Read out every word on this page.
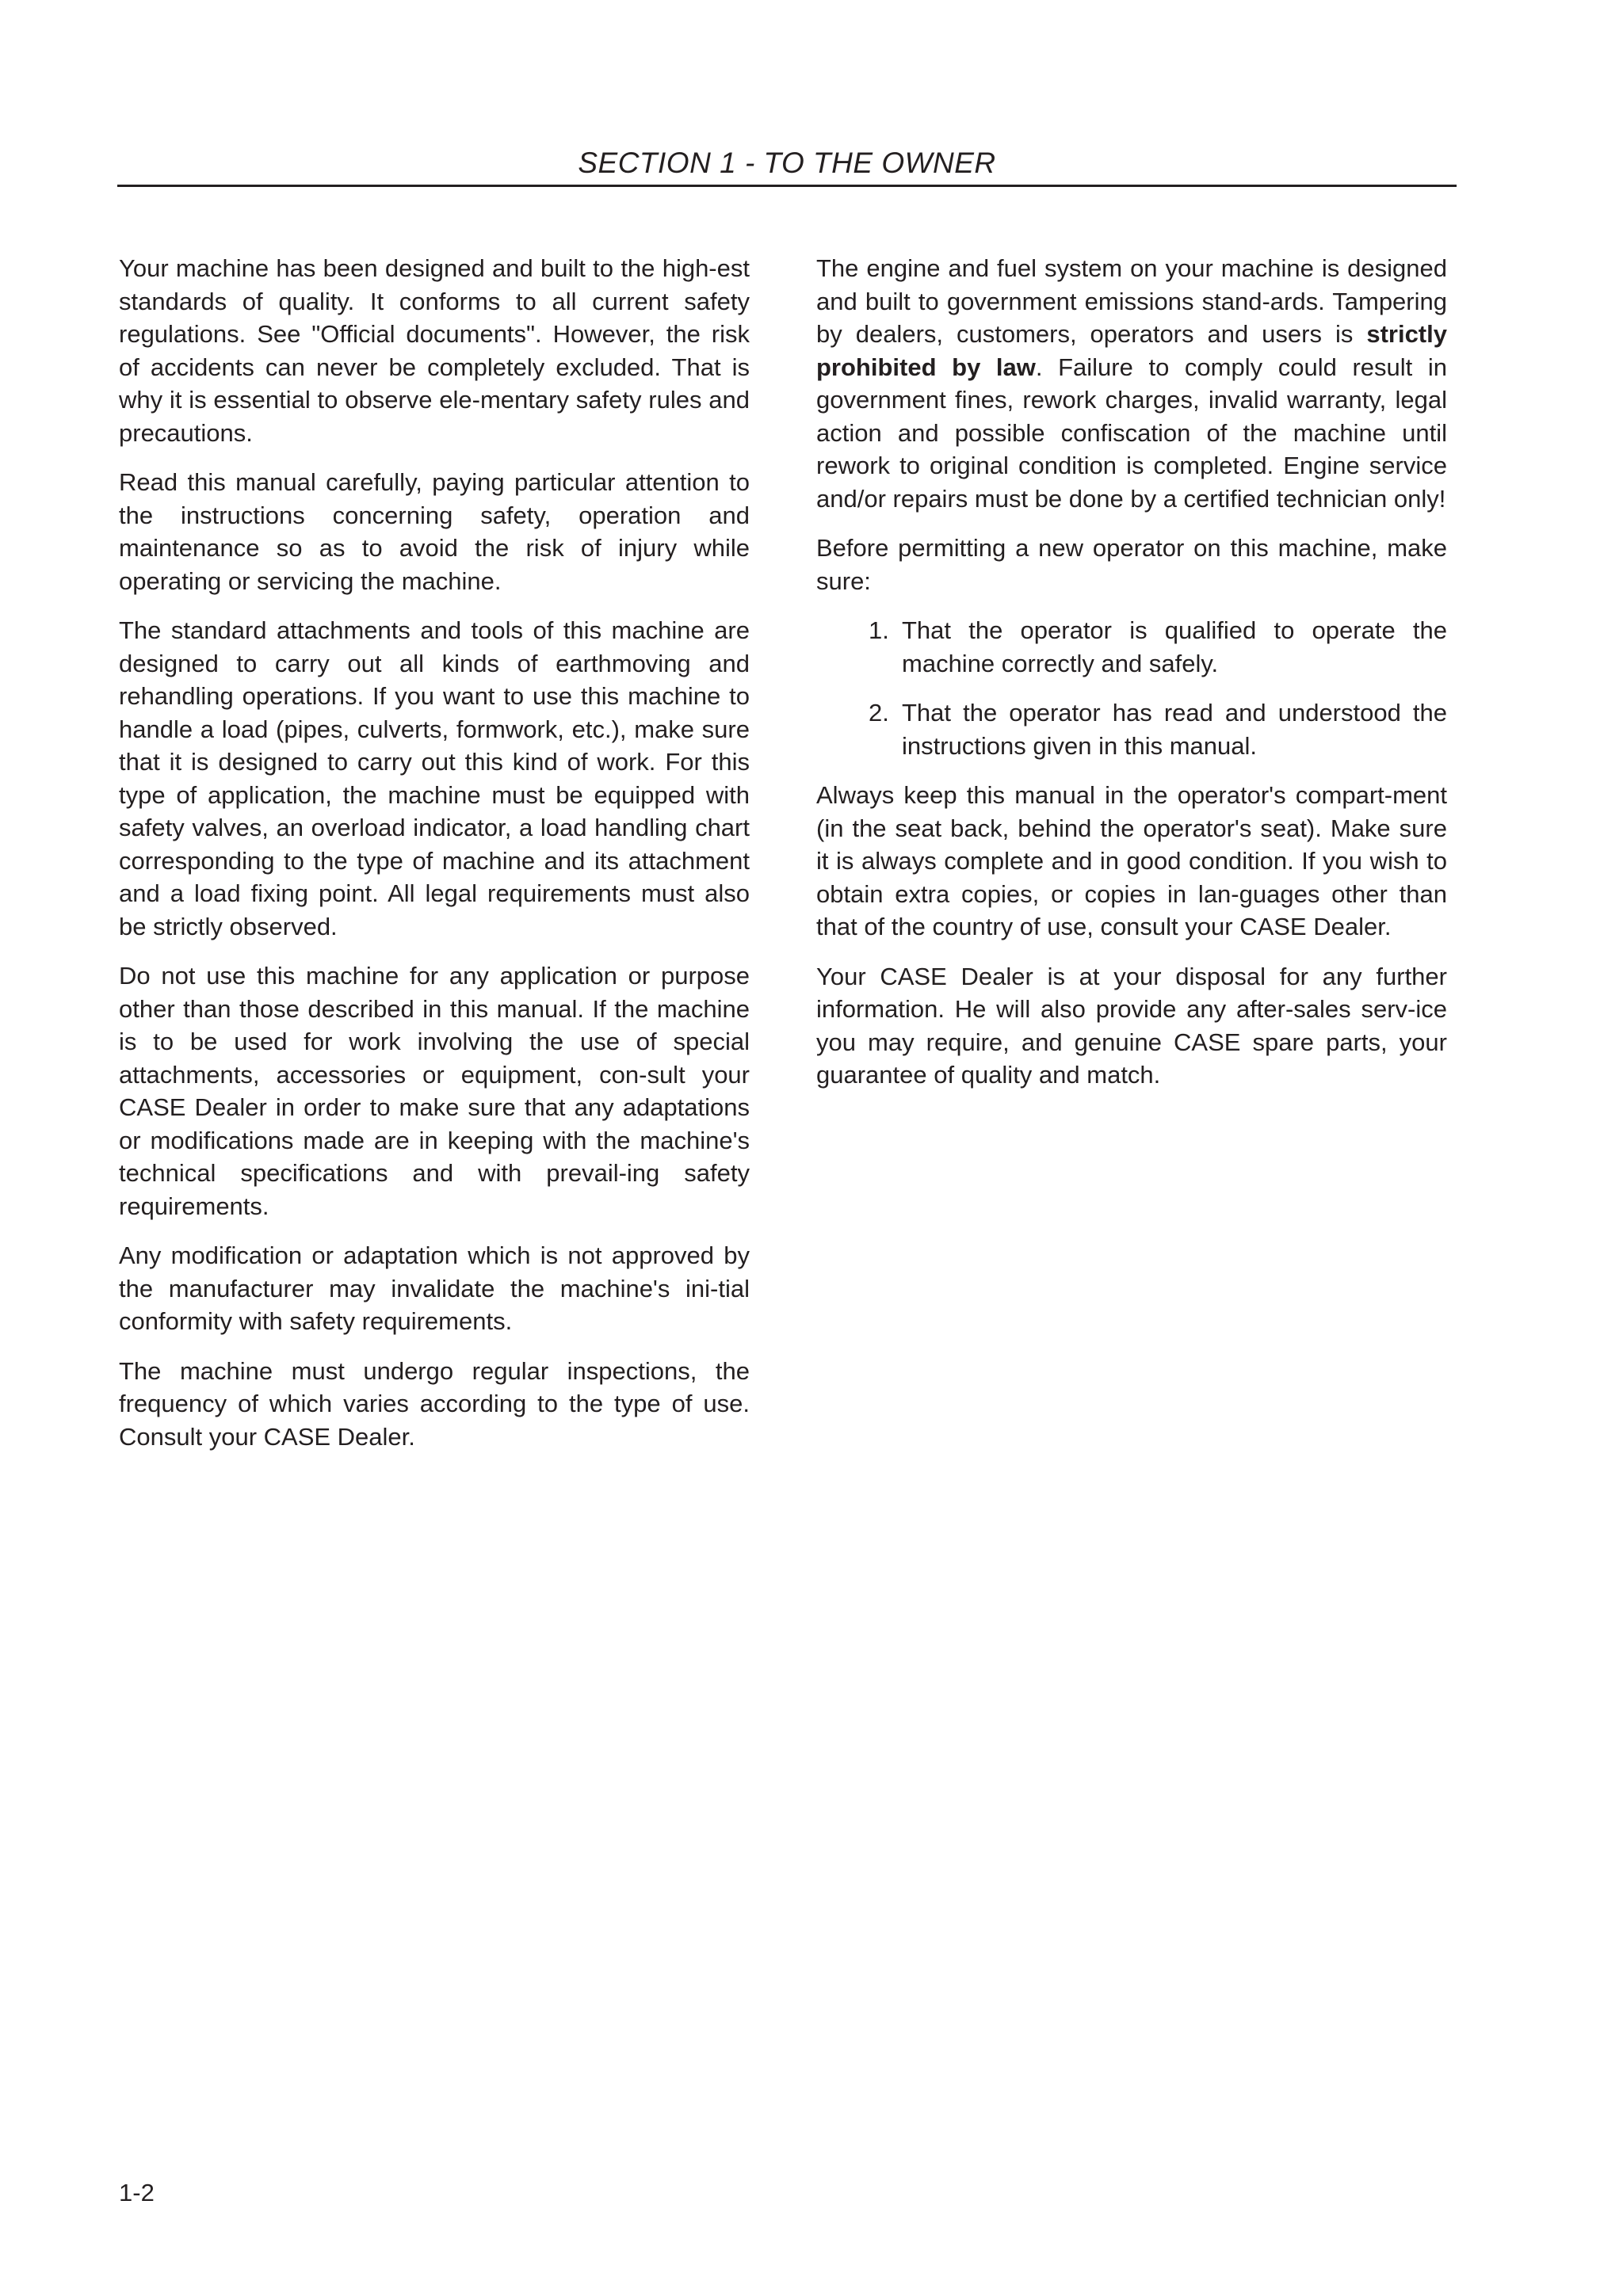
SECTION 1 - TO THE OWNER

Your machine has been designed and built to the high-est standards of quality. It conforms to all current safety regulations. See "Official documents". However, the risk of accidents can never be completely excluded. That is why it is essential to observe ele-mentary safety rules and precautions.

Read this manual carefully, paying particular attention to the instructions concerning safety, operation and maintenance so as to avoid the risk of injury while operating or servicing the machine.

The standard attachments and tools of this machine are designed to carry out all kinds of earthmoving and rehandling operations. If you want to use this machine to handle a load (pipes, culverts, formwork, etc.), make sure that it is designed to carry out this kind of work. For this type of application, the machine must be equipped with safety valves, an overload indicator, a load handling chart corresponding to the type of machine and its attachment and a load fixing point. All legal requirements must also be strictly observed.

Do not use this machine for any application or purpose other than those described in this manual. If the machine is to be used for work involving the use of special attachments, accessories or equipment, con-sult your CASE Dealer in order to make sure that any adaptations or modifications made are in keeping with the machine's technical specifications and with prevail-ing safety requirements.

Any modification or adaptation which is not approved by the manufacturer may invalidate the machine's ini-tial conformity with safety requirements.

The machine must undergo regular inspections, the frequency of which varies according to the type of use. Consult your CASE Dealer.

The engine and fuel system on your machine is designed and built to government emissions stand-ards. Tampering by dealers, customers, operators and users is strictly prohibited by law. Failure to comply could result in government fines, rework charges, invalid warranty, legal action and possible confiscation of the machine until rework to original condition is completed. Engine service and/or repairs must be done by a certified technician only!

Before permitting a new operator on this machine, make sure:

1. That the operator is qualified to operate the machine correctly and safely.
2. That the operator has read and understood the instructions given in this manual.

Always keep this manual in the operator's compart-ment (in the seat back, behind the operator's seat). Make sure it is always complete and in good condition. If you wish to obtain extra copies, or copies in lan-guages other than that of the country of use, consult your CASE Dealer.

Your CASE Dealer is at your disposal for any further information. He will also provide any after-sales serv-ice you may require, and genuine CASE spare parts, your guarantee of quality and match.

1-2
